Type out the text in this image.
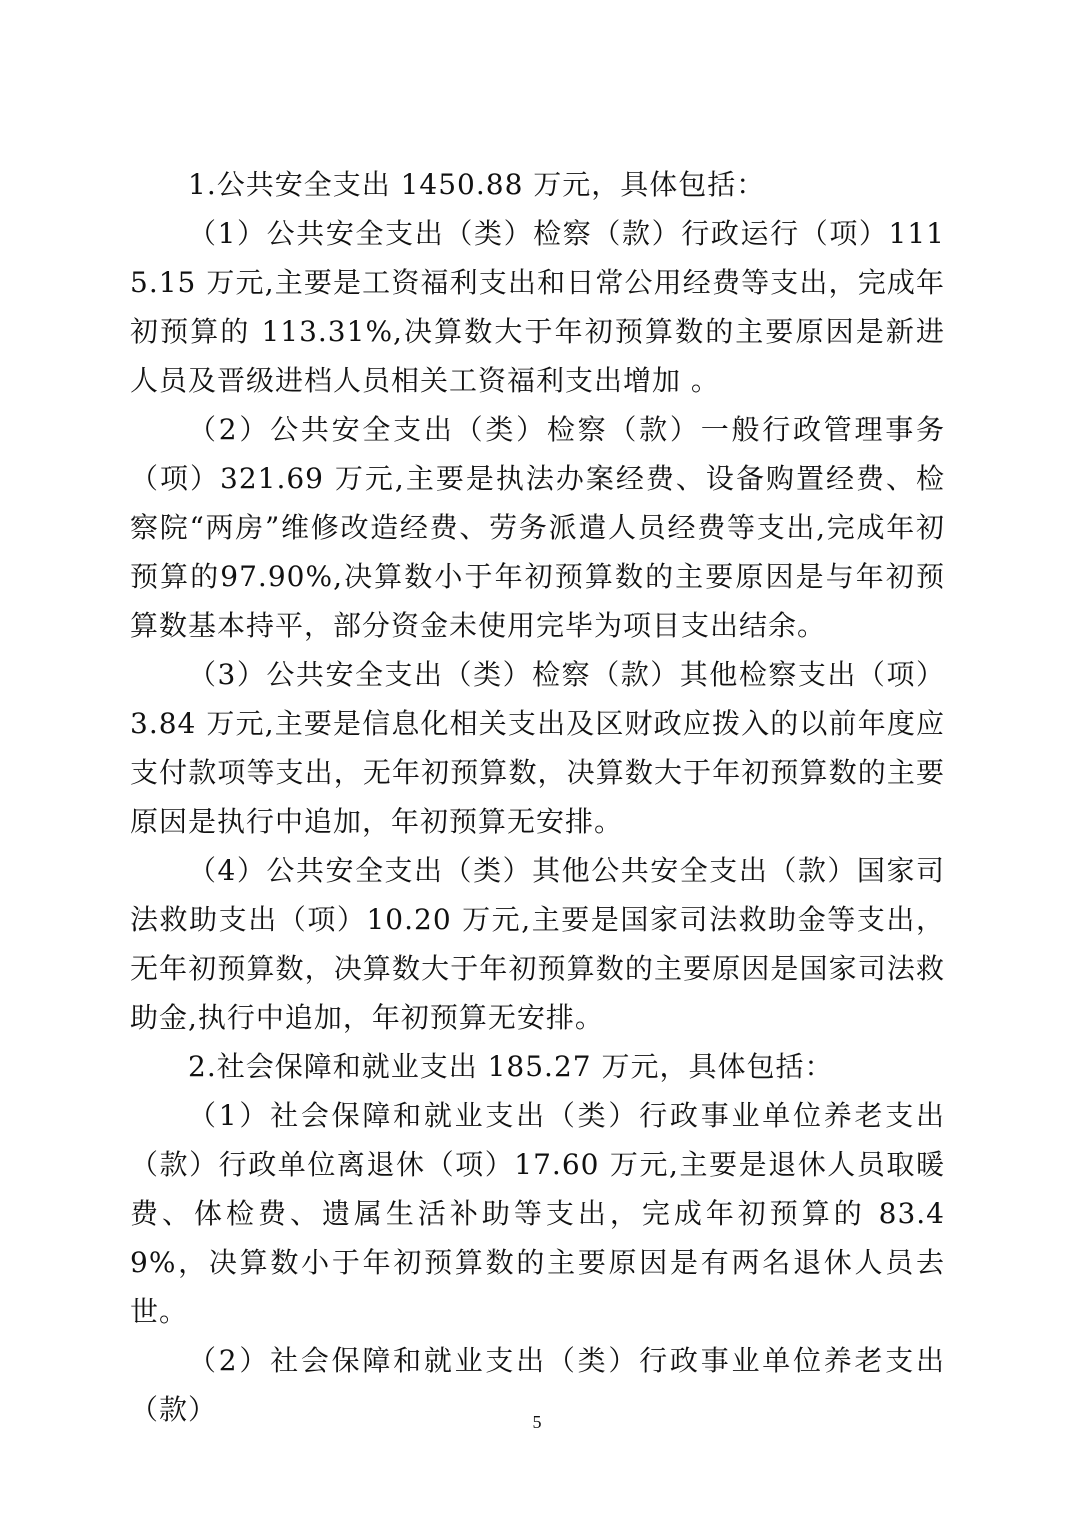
1.公共安全支出 1450.88 万元，具体包括：

（1）公共安全支出（类）检察（款）行政运行（项）1115.15 万元,主要是工资福利支出和日常公用经费等支出，完成年初预算的 113.31%,决算数大于年初预算数的主要原因是新进人员及晋级进档人员相关工资福利支出增加 。

（2）公共安全支出（类）检察（款）一般行政管理事务（项）321.69 万元,主要是执法办案经费、设备购置经费、检察院“两房”维修改造经费、劳务派遣人员经费等支出,完成年初预算的97.90%,决算数小于年初预算数的主要原因是与年初预算数基本持平，部分资金未使用完毕为项目支出结余。

（3）公共安全支出（类）检察（款）其他检察支出（项）3.84 万元,主要是信息化相关支出及区财政应拨入的以前年度应支付款项等支出，无年初预算数，决算数大于年初预算数的主要原因是执行中追加，年初预算无安排。

（4）公共安全支出（类）其他公共安全支出（款）国家司法救助支出（项）10.20 万元,主要是国家司法救助金等支出，无年初预算数，决算数大于年初预算数的主要原因是国家司法救助金,执行中追加，年初预算无安排。

2.社会保障和就业支出 185.27 万元，具体包括：

（1）社会保障和就业支出（类）行政事业单位养老支出（款）行政单位离退休（项）17.60 万元,主要是退休人员取暖费、体检费、遗属生活补助等支出，完成年初预算的 83.49%，决算数小于年初预算数的主要原因是有两名退休人员去世。

（2）社会保障和就业支出（类）行政事业单位养老支出（款）	5
